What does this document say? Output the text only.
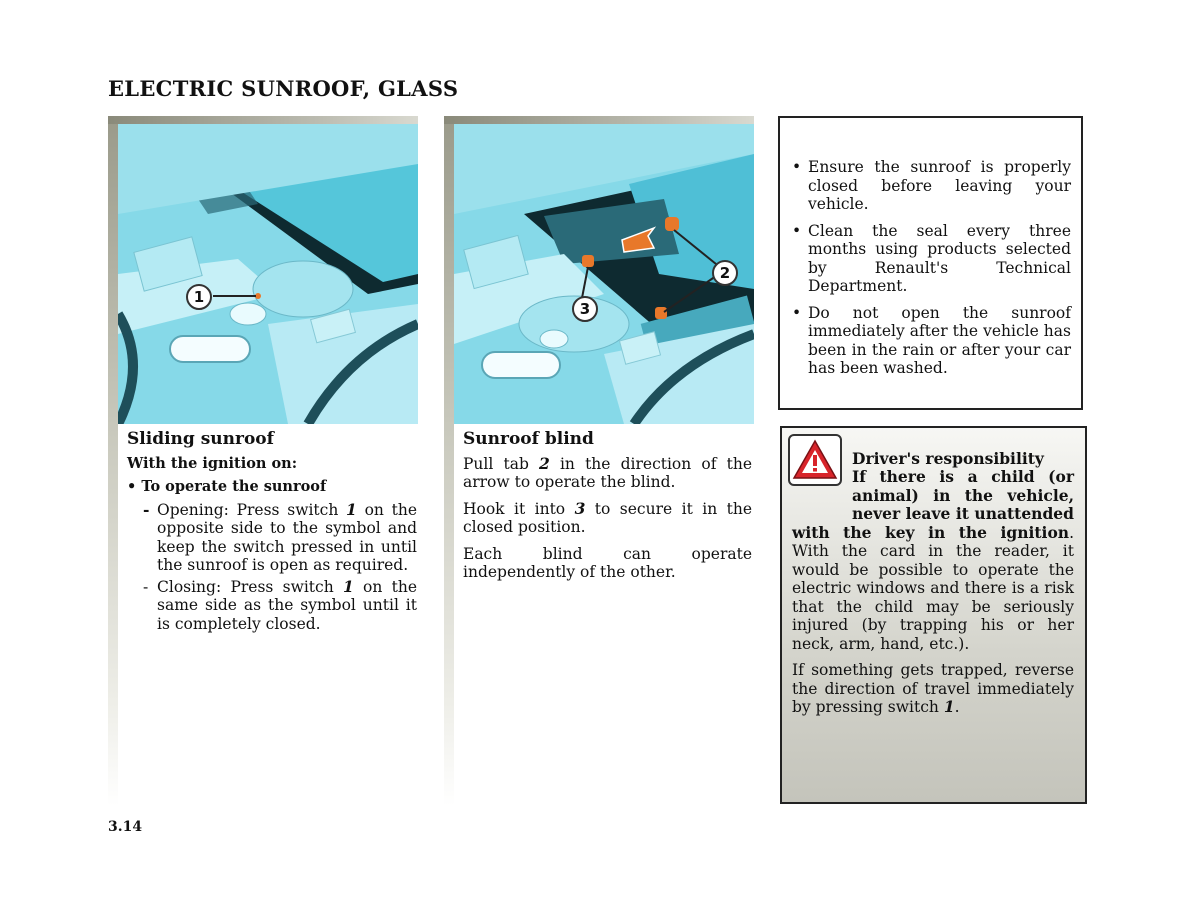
ELECTRIC SUNROOF, GLASS
1
2
3
Sliding sunroof
With the ignition on:
• To operate the sunroof
- Opening: Press switch 1 on the opposite side to the symbol and keep the switch pressed in until the sunroof is open as required.
- Closing: Press switch 1 on the same side as the symbol until it is completely closed.
Sunroof blind

Pull tab 2 in the direction of the arrow to operate the blind.

Hook it into 3 to secure it in the closed position.

Each blind can operate independently of the other.

• Ensure the sunroof is properly closed before leaving your vehicle.
• Clean the seal every three months using products selected by Renault's Technical Department.
• Do not open the sunroof immediately after the vehicle has been in the rain or after your car has been washed.
Driver's responsibility
If there is a child (or animal) in the vehicle, never leave it unattended with the key in the ignition. With the card in the reader, it would be possible to operate the electric windows and there is a risk that the child may be seriously injured (by trapping his or her neck, arm, hand, etc.).

If something gets trapped, reverse the direction of travel immediately by pressing switch 1.

3.14
